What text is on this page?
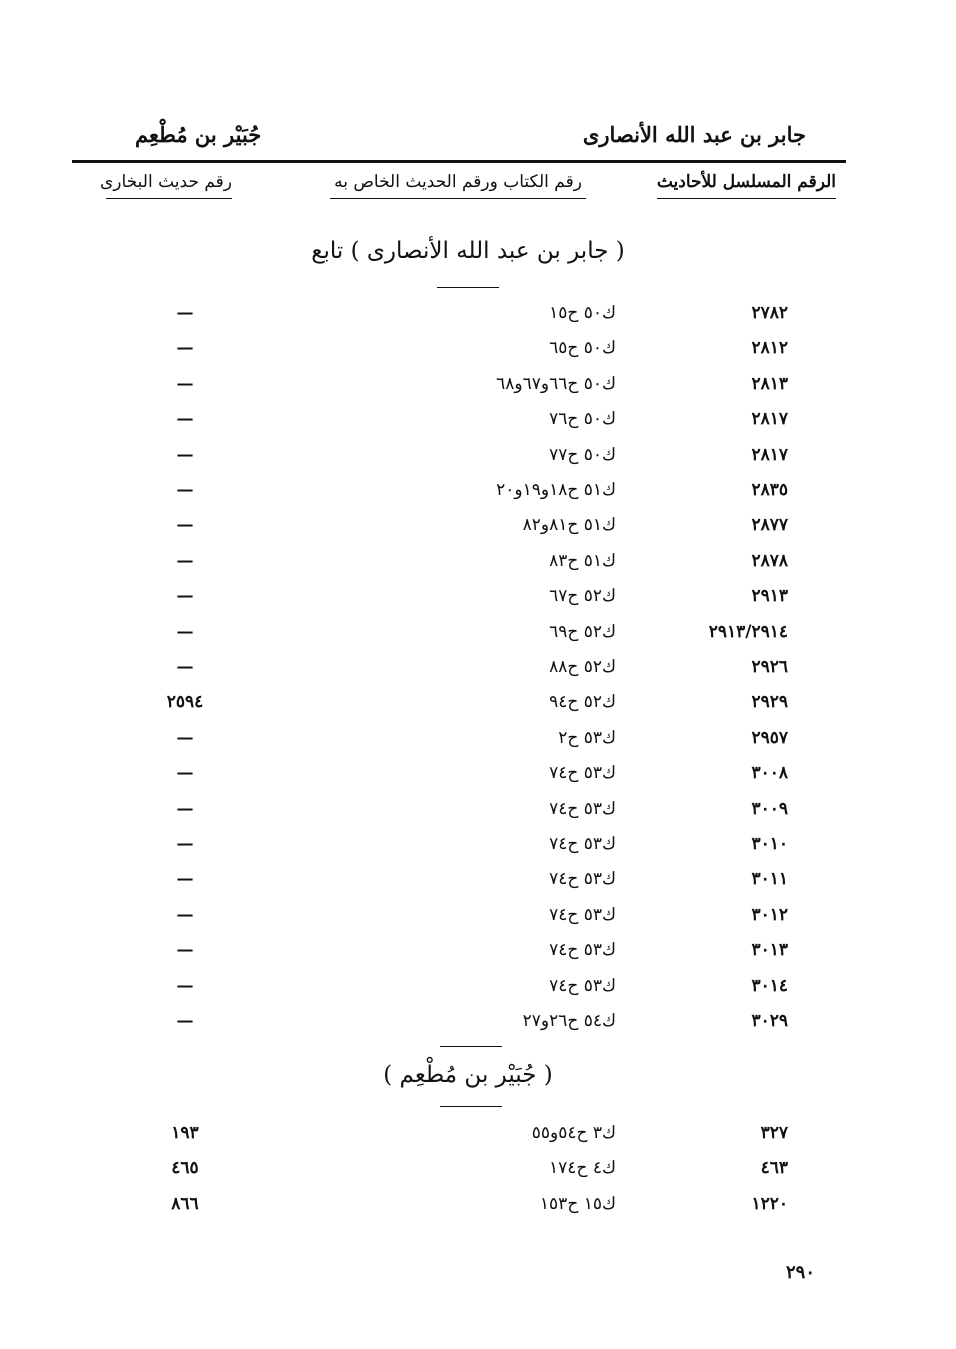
جابر بن عبد الله الأنصارى
جُبَيْر بن مُطْعِم
الرقم المسلسل للأحاديث
رقم الكتاب ورقم الحديث الخاص به
رقم حديث البخارى
( جابر بن عبد الله الأنصارى ) تابع
٢٧٨٢
ك٥٠ ح١٥
—
٢٨١٢
ك٥٠ ح٦٥
—
٢٨١٣
ك٥٠ ح٦٦و٦٧و٦٨
—
٢٨١٧
ك٥٠ ح٧٦
—
٢٨١٧
ك٥٠ ح٧٧
—
٢٨٣٥
ك٥١ ح١٨و١٩و٢٠
—
٢٨٧٧
ك٥١ ح٨١و٨٢
—
٢٨٧٨
ك٥١ ح٨٣
—
٢٩١٣
ك٥٢ ح٦٧
—
٢٩١٣/٢٩١٤
ك٥٢ ح٦٩
—
٢٩٢٦
ك٥٢ ح٨٨
—
٢٩٢٩
ك٥٢ ح٩٤
٢٥٩٤
٢٩٥٧
ك٥٣ ح٢
—
٣٠٠٨
ك٥٣ ح٧٤
—
٣٠٠٩
ك٥٣ ح٧٤
—
٣٠١٠
ك٥٣ ح٧٤
—
٣٠١١
ك٥٣ ح٧٤
—
٣٠١٢
ك٥٣ ح٧٤
—
٣٠١٣
ك٥٣ ح٧٤
—
٣٠١٤
ك٥٣ ح٧٤
—
٣٠٢٩
ك٥٤ ح٢٦و٢٧
—
( جُبَيْر بن مُطْعِم )
٣٢٧
ك٣ ح٥٤و٥٥
١٩٣
٤٦٣
ك٤ ح١٧٤
٤٦٥
١٢٢٠
ك١٥ ح١٥٣
٨٦٦
٢٩٠
